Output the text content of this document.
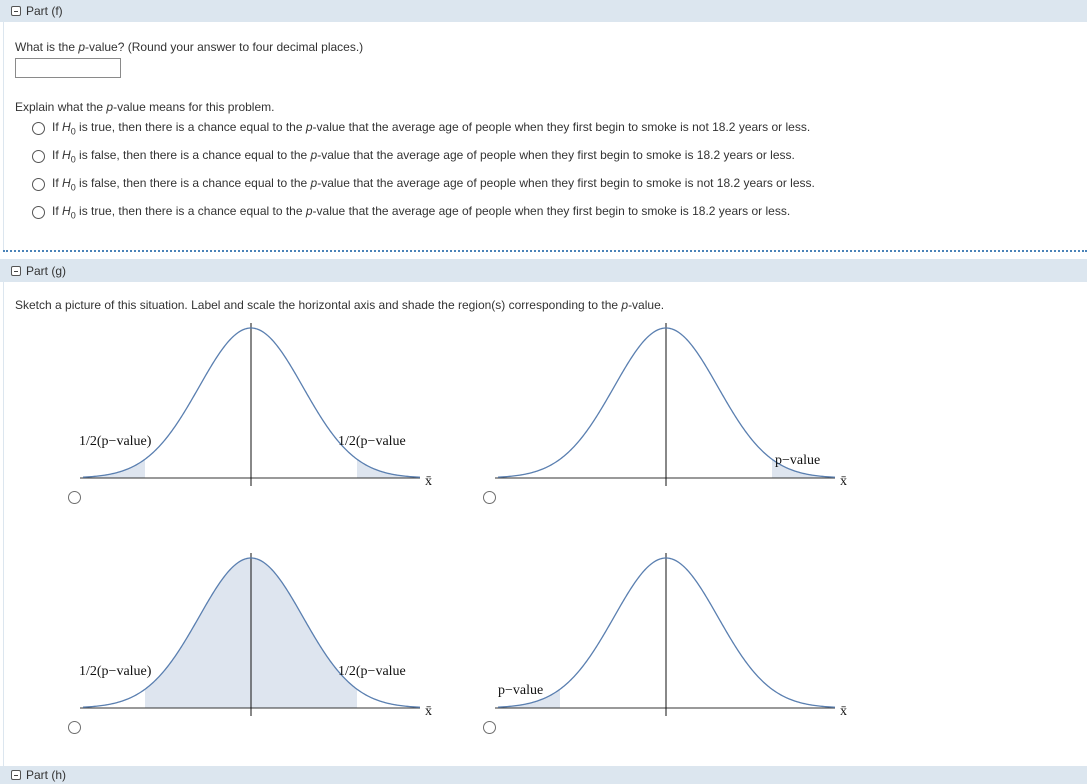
Part (f)
What is the p-value? (Round your answer to four decimal places.)
Explain what the p-value means for this problem.
If $H_0$ is true, then there is a chance equal to the p-value that the average age of people when they first begin to smoke is not 18.2 years or less.
If $H_0$ is false, then there is a chance equal to the p-value that the average age of people when they first begin to smoke is 18.2 years or less.
If $H_0$ is false, then there is a chance equal to the p-value that the average age of people when they first begin to smoke is not 18.2 years or less.
If $H_0$ is true, then there is a chance equal to the p-value that the average age of people when they first begin to smoke is 18.2 years or less.
Part (g)
Sketch a picture of this situation. Label and scale the horizontal axis and shade the region(s) corresponding to the p-value.
1/2(p−value)	1/2(p−value
x̄
p−value
x̄
1/2(p−value)	1/2(p−value
x̄
p−value
x̄
Part (h)
